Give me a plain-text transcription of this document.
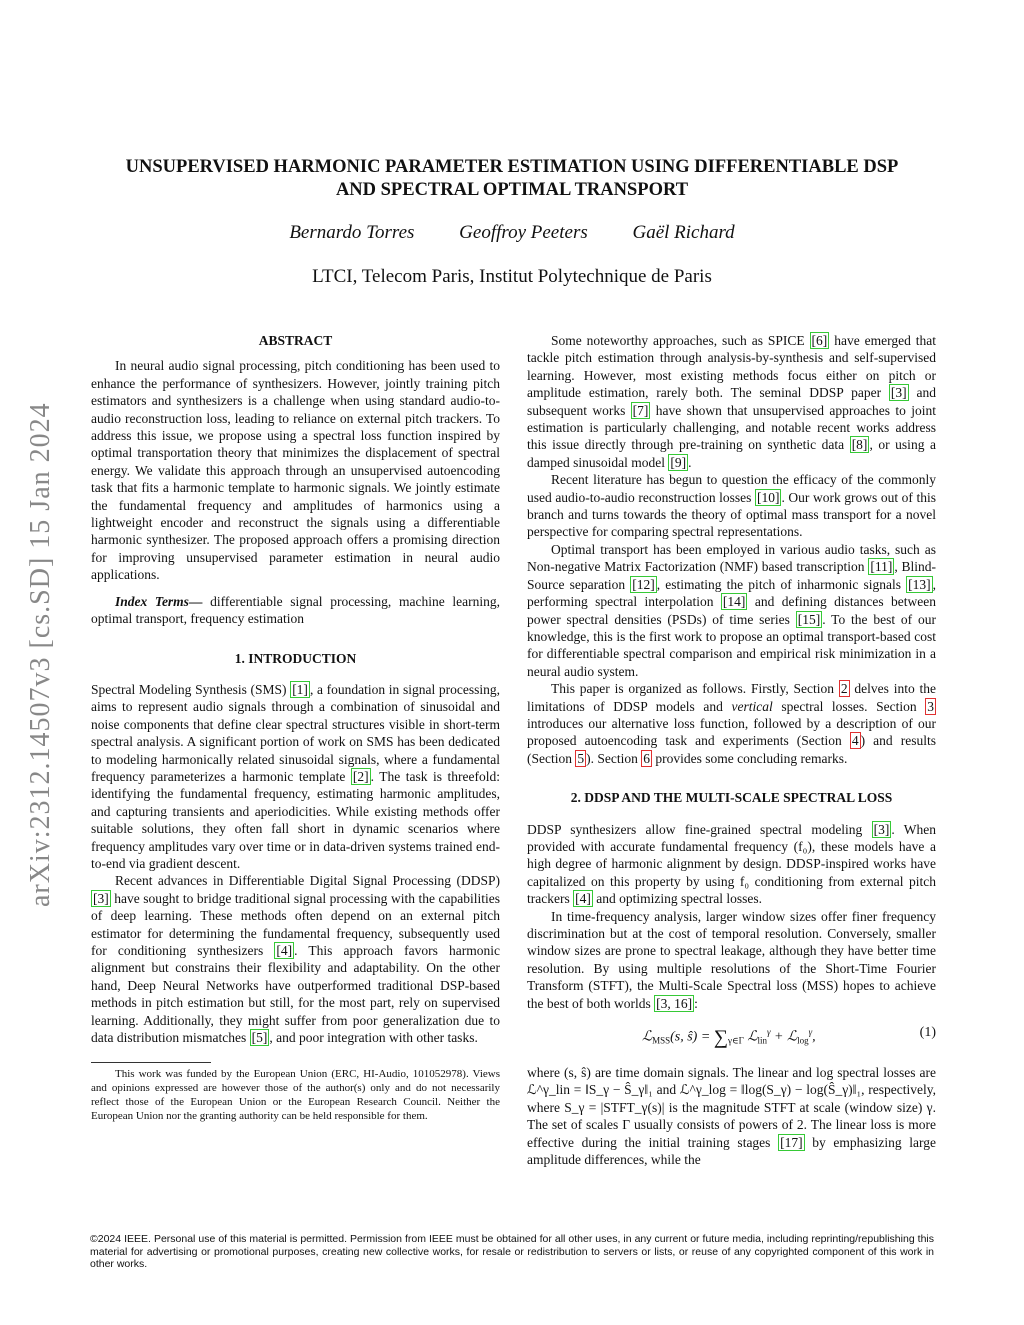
arXiv:2312.14507v3 [cs.SD] 15 Jan 2024
UNSUPERVISED HARMONIC PARAMETER ESTIMATION USING DIFFERENTIABLE DSP
AND SPECTRAL OPTIMAL TRANSPORT
Bernardo Torres Geoffroy Peeters Gaël Richard
LTCI, Telecom Paris, Institut Polytechnique de Paris
ABSTRACT

In neural audio signal processing, pitch conditioning has been used to enhance the performance of synthesizers. However, jointly training pitch estimators and synthesizers is a challenge when using standard audio-to-audio reconstruction loss, leading to reliance on external pitch trackers. To address this issue, we propose using a spectral loss function inspired by optimal transportation theory that minimizes the displacement of spectral energy. We validate this approach through an unsupervised autoencoding task that fits a harmonic template to harmonic signals. We jointly estimate the fundamental frequency and amplitudes of harmonics using a lightweight encoder and reconstruct the signals using a differentiable harmonic synthesizer. The proposed approach offers a promising direction for improving unsupervised parameter estimation in neural audio applications.

Index Terms— differentiable signal processing, machine learning, optimal transport, frequency estimation

1. INTRODUCTION

Spectral Modeling Synthesis (SMS) [1] , a foundation in signal processing, aims to represent audio signals through a combination of sinusoidal and noise components that define clear spectral structures visible in short-term spectral analysis. A significant portion of work on SMS has been dedicated to modeling harmonically related sinusoidal signals, where a fundamental frequency parameterizes a harmonic template [2] . The task is threefold: identifying the fundamental frequency, estimating harmonic amplitudes, and capturing transients and aperiodicities. While existing methods offer suitable solutions, they often fall short in dynamic scenarios where frequency amplitudes vary over time or in data-driven systems trained end-to-end via gradient descent.

Recent advances in Differentiable Digital Signal Processing (DDSP) [3] have sought to bridge traditional signal processing with the capabilities of deep learning. These methods often depend on an external pitch estimator for determining the fundamental frequency, subsequently used for conditioning synthesizers [4] . This approach favors harmonic alignment but constrains their flexibility and adaptability. On the other hand, Deep Neural Networks have outperformed traditional DSP-based methods in pitch estimation but still, for the most part, rely on supervised learning. Additionally, they might suffer from poor generalization due to data distribution mismatches [5] , and poor integration with other tasks.

This work was funded by the European Union (ERC, HI-Audio, 101052978). Views and opinions expressed are however those of the author(s) only and do not necessarily reflect those of the European Union or the European Research Council. Neither the European Union nor the granting authority can be held responsible for them.

Some noteworthy approaches, such as SPICE [6] have emerged that tackle pitch estimation through analysis-by-synthesis and self-supervised learning. However, most existing methods focus either on pitch or amplitude estimation, rarely both. The seminal DDSP paper [3] and subsequent works [7] have shown that unsupervised approaches to joint estimation is particularly challenging, and notable recent works address this issue directly through pre-training on synthetic data [8] , or using a damped sinusoidal model [9] .

Recent literature has begun to question the efficacy of the commonly used audio-to-audio reconstruction losses [10] . Our work grows out of this branch and turns towards the theory of optimal mass transport for a novel perspective for comparing spectral representations.

Optimal transport has been employed in various audio tasks, such as Non-negative Matrix Factorization (NMF) based transcription [11] , Blind-Source separation [12] , estimating the pitch of inharmonic signals [13] , performing spectral interpolation [14] and defining distances between power spectral densities (PSDs) of time series [15] . To the best of our knowledge, this is the first work to propose an optimal transport-based cost for differentiable spectral comparison and empirical risk minimization in a neural audio system.

This paper is organized as follows. Firstly, Section 2 delves into the limitations of DDSP models and vertical spectral losses. Section 3 introduces our alternative loss function, followed by a description of our proposed autoencoding task and experiments (Section 4 ) and results (Section 5 ). Section 6 provides some concluding remarks.

2. DDSP AND THE MULTI-SCALE SPECTRAL LOSS

DDSP synthesizers allow fine-grained spectral modeling [3] . When provided with accurate fundamental frequency (f₀), these models have a high degree of harmonic alignment by design. DDSP-inspired works have capitalized on this property by using f₀ conditioning from external pitch trackers [4] and optimizing spectral losses.

In time-frequency analysis, larger window sizes offer finer frequency discrimination but at the cost of temporal resolution. Conversely, smaller window sizes are prone to spectral leakage, although they have better time resolution. By using multiple resolutions of the Short-Time Fourier Transform (STFT), the Multi-Scale Spectral loss (MSS) hopes to achieve the best of both worlds [3, 16] :

ℒ$_{MSS}$(s, ŝ) = $\sum_{\gamma\in\Gamma}$ ℒ$_{lin}^\gamma$ + ℒ$_{log}^\gamma$,	(1)

where (s, ŝ) are time domain signals. The linear and log spectral losses are ℒ^γ_lin = ‖S_γ − Ŝ_γ‖₁ and ℒ^γ_log = ‖log(S_γ) − log(Ŝ_γ)‖₁, respectively, where S_γ = |STFT_γ(s)| is the magnitude STFT at scale (window size) γ. The set of scales Γ usually consists of powers of 2. The linear loss is more effective during the initial training stages [17] by emphasizing large amplitude differences, while the

©2024 IEEE. Personal use of this material is permitted. Permission from IEEE must be obtained for all other uses, in any current or future media, including reprinting/republishing this material for advertising or promotional purposes, creating new collective works, for resale or redistribution to servers or lists, or reuse of any copyrighted component of this work in other works.
